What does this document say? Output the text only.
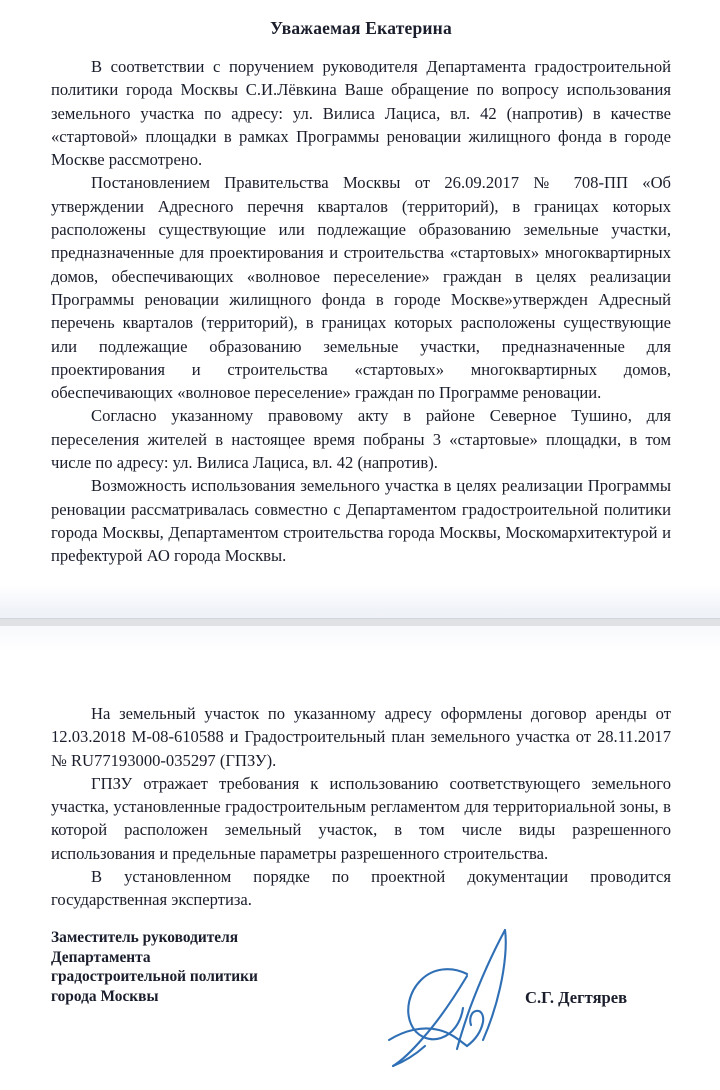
Уважаемая Екатерина

В соответствии с поручением руководителя Департамента градостроительной политики города Москвы С.И.Лёвкина Ваше обращение по вопросу использования земельного участка по адресу: ул. Вилиса Лациса, вл. 42 (напротив) в качестве «стартовой» площадки в рамках Программы реновации жилищного фонда в городе Москве рассмотрено.

Постановлением Правительства Москвы от 26.09.2017 № 708-ПП «Об утверждении Адресного перечня кварталов (территорий), в границах которых расположены существующие или подлежащие образованию земельные участки, предназначенные для проектирования и строительства «стартовых» многоквартирных домов, обеспечивающих «волновое переселение» граждан в целях реализации Программы реновации жилищного фонда в городе Москве»утвержден Адресный перечень кварталов (территорий), в границах которых расположены существующие или подлежащие образованию земельные участки, предназначенные для проектирования и строительства «стартовых» многоквартирных домов, обеспечивающих «волновое переселение» граждан по Программе реновации.

Согласно указанному правовому акту в районе Северное Тушино, для переселения жителей в настоящее время побраны 3 «стартовые» площадки, в том числе по адресу: ул. Вилиса Лациса, вл. 42 (напротив).

Возможность использования земельного участка в целях реализации Программы реновации рассматривалась совместно с Департаментом градостроительной политики города Москвы, Департаментом строительства города Москвы, Москомархитектурой и префектурой АО города Москвы.

На земельный участок по указанному адресу оформлены договор аренды от 12.03.2018 М-08-610588 и Градостроительный план земельного участка от 28.11.2017 № RU77193000-035297 (ГПЗУ).

ГПЗУ отражает требования к использованию соответствующего земельного участка, установленные градостроительным регламентом для территориальной зоны, в которой расположен земельный участок, в том числе виды разрешенного использования и предельные параметры разрешенного строительства.

В установленном порядке по проектной документации проводится государственная экспертиза.

Заместитель руководителя

Департамента

градостроительной политики

города Москвы	С.Г. Дегтярев
